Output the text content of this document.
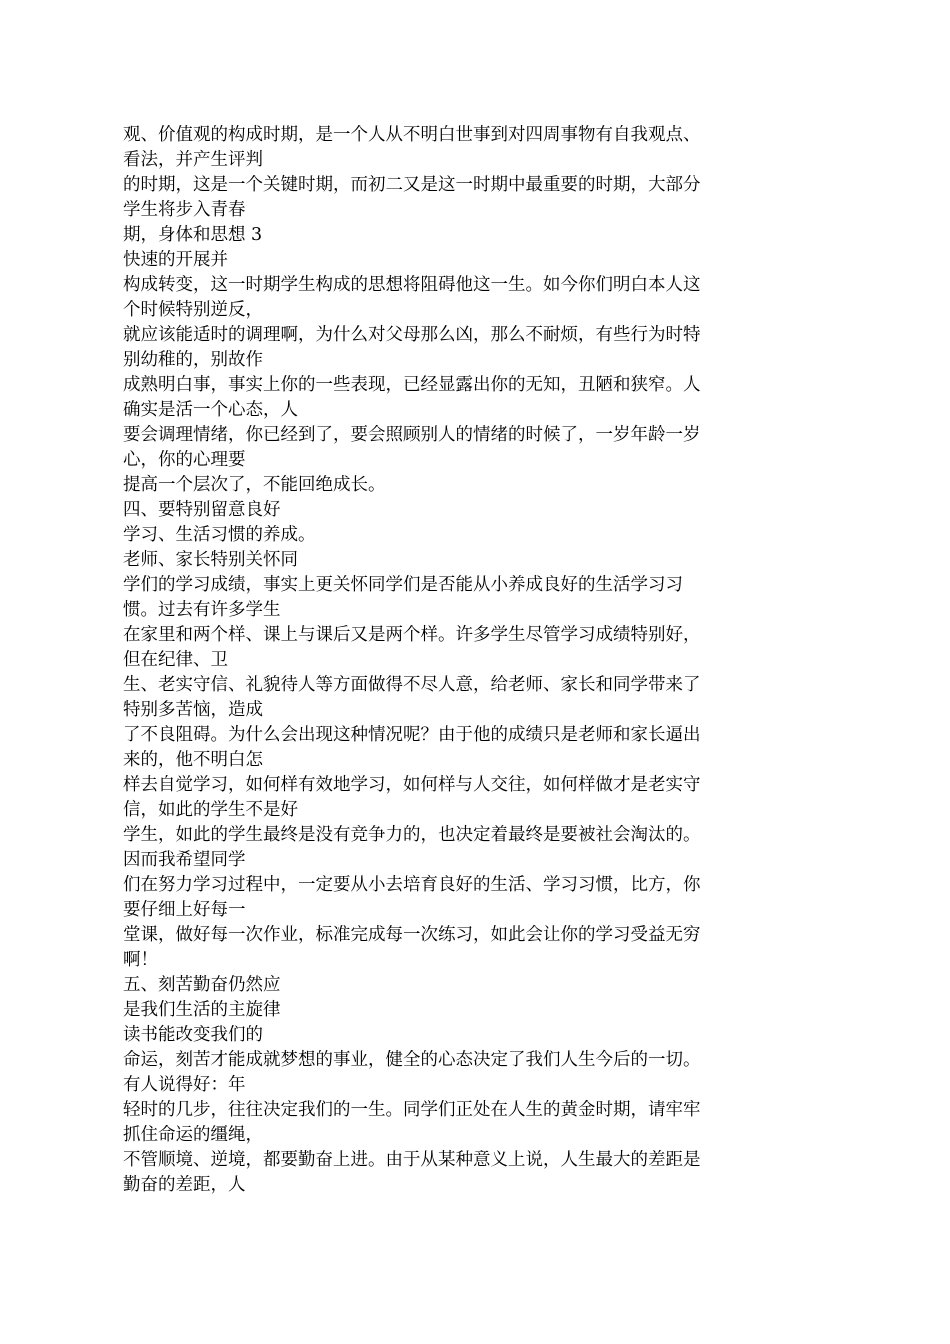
观、价值观的构成时期，是一个人从不明白世事到对四周事物有自我观点、
看法，并产生评判
的时期，这是一个关键时期，而初二又是这一时期中最重要的时期，大部分
学生将步入青春
期，身体和思想 3
快速的开展并
构成转变，这一时期学生构成的思想将阻碍他这一生。如今你们明白本人这
个时候特别逆反，
就应该能适时的调理啊，为什么对父母那么凶，那么不耐烦，有些行为时特
别幼稚的，别故作
成熟明白事，事实上你的一些表现，已经显露出你的无知，丑陋和狭窄。人
确实是活一个心态，人
要会调理情绪，你已经到了，要会照顾别人的情绪的时候了，一岁年龄一岁
心，你的心理要
提高一个层次了，不能回绝成长。
四、要特别留意良好
学习、生活习惯的养成。
老师、家长特别关怀同
学们的学习成绩，事实上更关怀同学们是否能从小养成良好的生活学习习
惯。过去有许多学生
在家里和两个样、课上与课后又是两个样。许多学生尽管学习成绩特别好，
但在纪律、卫
生、老实守信、礼貌待人等方面做得不尽人意，给老师、家长和同学带来了
特别多苦恼，造成
了不良阻碍。为什么会出现这种情况呢？由于他的成绩只是老师和家长逼出
来的，他不明白怎
样去自觉学习，如何样有效地学习，如何样与人交往，如何样做才是老实守
信，如此的学生不是好
学生，如此的学生最终是没有竞争力的，也决定着最终是要被社会淘汰的。
因而我希望同学
们在努力学习过程中，一定要从小去培育良好的生活、学习习惯，比方，你
要仔细上好每一
堂课，做好每一次作业，标准完成每一次练习，如此会让你的学习受益无穷
啊！
五、刻苦勤奋仍然应
是我们生活的主旋律
读书能改变我们的
命运，刻苦才能成就梦想的事业，健全的心态决定了我们人生今后的一切。
有人说得好：年
轻时的几步，往往决定我们的一生。同学们正处在人生的黄金时期，请牢牢
抓住命运的缰绳，
不管顺境、逆境，都要勤奋上进。由于从某种意义上说，人生最大的差距是
勤奋的差距，人
